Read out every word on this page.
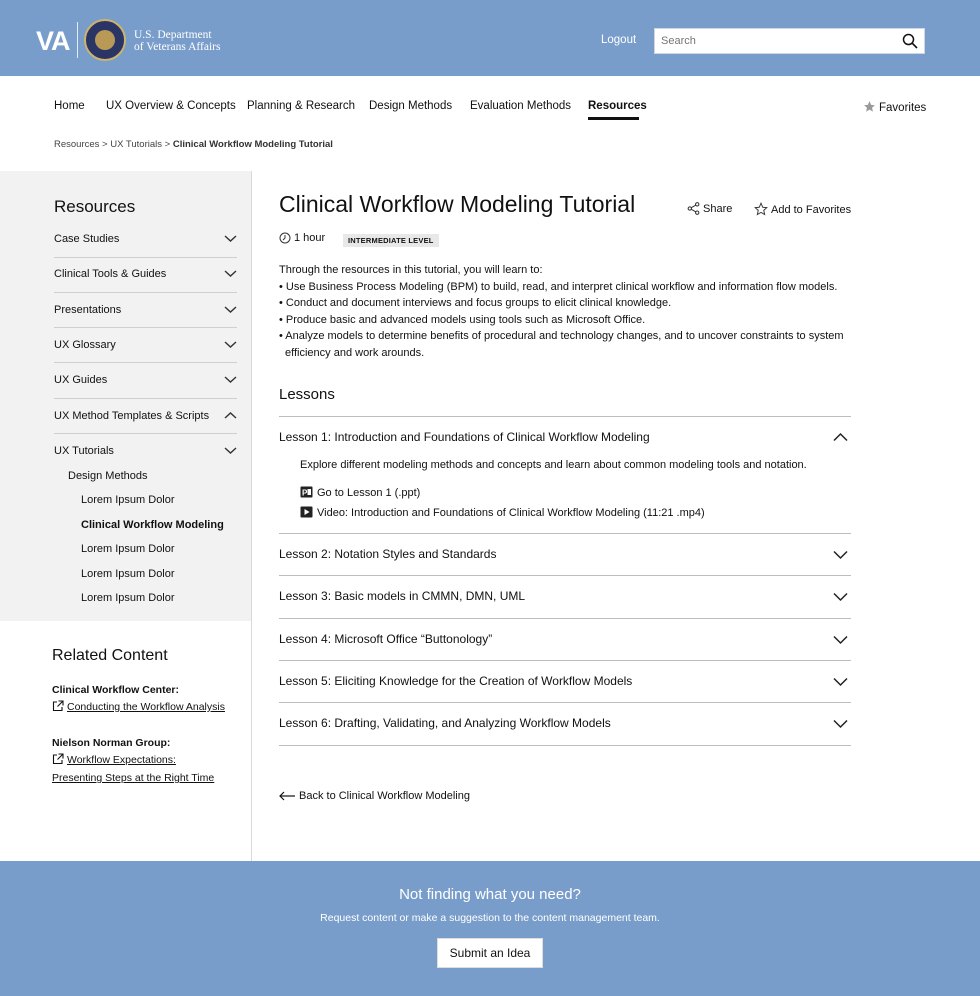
VA	U.S. Department
of Veterans Affairs
Logout
Search
Home UX Overview & Concepts Planning & Research Design Methods Evaluation Methods Resources	Favorites
Resources > UX Tutorials > Clinical Workflow Modeling Tutorial
Resources
Case Studies
Clinical Tools & Guides
Presentations
UX Glossary
UX Guides
UX Method Templates & Scripts
UX Tutorials
Design Methods
Lorem Ipsum Dolor
Clinical Workflow Modeling
Lorem Ipsum Dolor
Lorem Ipsum Dolor
Lorem Ipsum Dolor
Related Content
Clinical Workflow Center:
Conducting the Workflow Analysis
Nielson Norman Group:
Workflow Expectations:
Presenting Steps at the Right Time
Clinical Workflow Modeling Tutorial	Share	Add to Favorites
1 hour	INTERMEDIATE LEVEL
Through the resources in this tutorial, you will learn to:
• Use Business Process Modeling (BPM) to build, read, and interpret clinical workflow and information flow models.
• Conduct and document interviews and focus groups to elicit clinical knowledge.
• Produce basic and advanced models using tools such as Microsoft Office.
• Analyze models to determine benefits of procedural and technology changes, and to uncover constraints to system efficiency and work arounds.
Lessons
Lesson 1: Introduction and Foundations of Clinical Workflow Modeling
Explore different modeling methods and concepts and learn about common modeling tools and notation.
P Go to Lesson 1 (.ppt)
Video: Introduction and Foundations of Clinical Workflow Modeling (11:21 .mp4)
Lesson 2: Notation Styles and Standards
Lesson 3: Basic models in CMMN, DMN, UML
Lesson 4: Microsoft Office “Buttonology”
Lesson 5: Eliciting Knowledge for the Creation of Workflow Models
Lesson 6: Drafting, Validating, and Analyzing Workflow Models
Back to Clinical Workflow Modeling
Not finding what you need?
Request content or make a suggestion to the content management team.
Submit an Idea
